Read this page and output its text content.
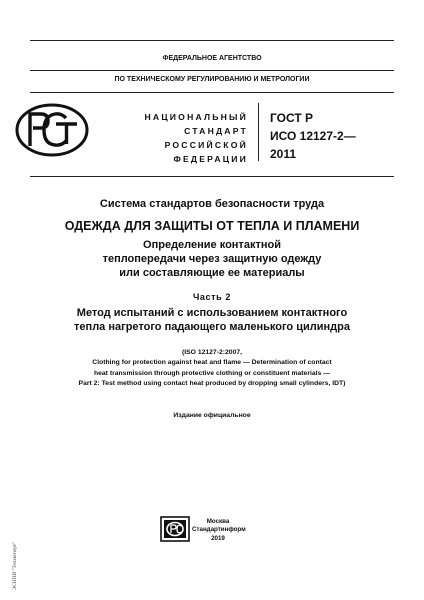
ФЕДЕРАЛЬНОЕ АГЕНТСТВО
ПО ТЕХНИЧЕСКОМУ РЕГУЛИРОВАНИЮ И МЕТРОЛОГИИ
НАЦИОНАЛЬНЫЙ
СТАНДАРТ
РОССИЙСКОЙ
ФЕДЕРАЦИИ
ГОСТ Р
ИСО 12127-2—
2011
Система стандартов безопасности труда
ОДЕЖДА ДЛЯ ЗАЩИТЫ ОТ ТЕПЛА И ПЛАМЕНИ
Определение контактной
теплопередачи через защитную одежду
или составляющие ее материалы
Часть 2
Метод испытаний с использованием контактного
тепла нагретого падающего маленького цилиндра
(ISO 12127-2:2007,
Clothing for protection against heat and flame — Determination of contact
heat transmission through protective clothing or constituent materials —
Part 2: Test method using contact heat produced by dropping small cylinders, IDT)
Издание официальное
Москва
Стандартинформ
2019
ЭСНПИ "Техэксперт"
